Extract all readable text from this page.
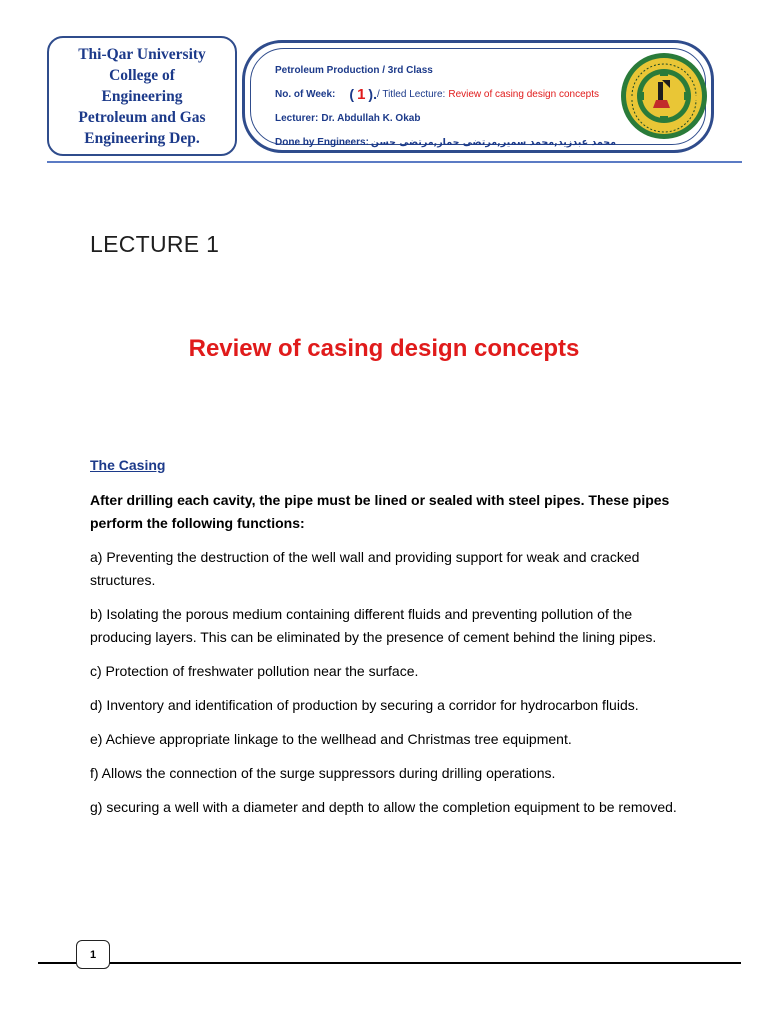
Thi-Qar University
College of
Engineering
Petroleum and Gas
Engineering Dep.
Petroleum Production / 3rd Class
No. of Week: ( 1 ). / Titled Lecture: Review of casing design concepts
Lecturer: Dr. Abdullah K. Okab
Done by Engineers: محمد عبدزيد,محمد سمير,مرتضى حمار,مرتضى حسن
LECTURE 1
Review of casing design concepts
The Casing
After drilling each cavity, the pipe must be lined or sealed with steel pipes. These pipes perform the following functions:
a) Preventing the destruction of the well wall and providing support for weak and cracked structures.
b) Isolating the porous medium containing different fluids and preventing pollution of the producing layers. This can be eliminated by the presence of cement behind the lining pipes.
c) Protection of freshwater pollution near the surface.
d) Inventory and identification of production by securing a corridor for hydrocarbon fluids.
e) Achieve appropriate linkage to the wellhead and Christmas tree equipment.
f) Allows the connection of the surge suppressors during drilling operations.
g) securing a well with a diameter and depth to allow the completion equipment to be removed.
1
